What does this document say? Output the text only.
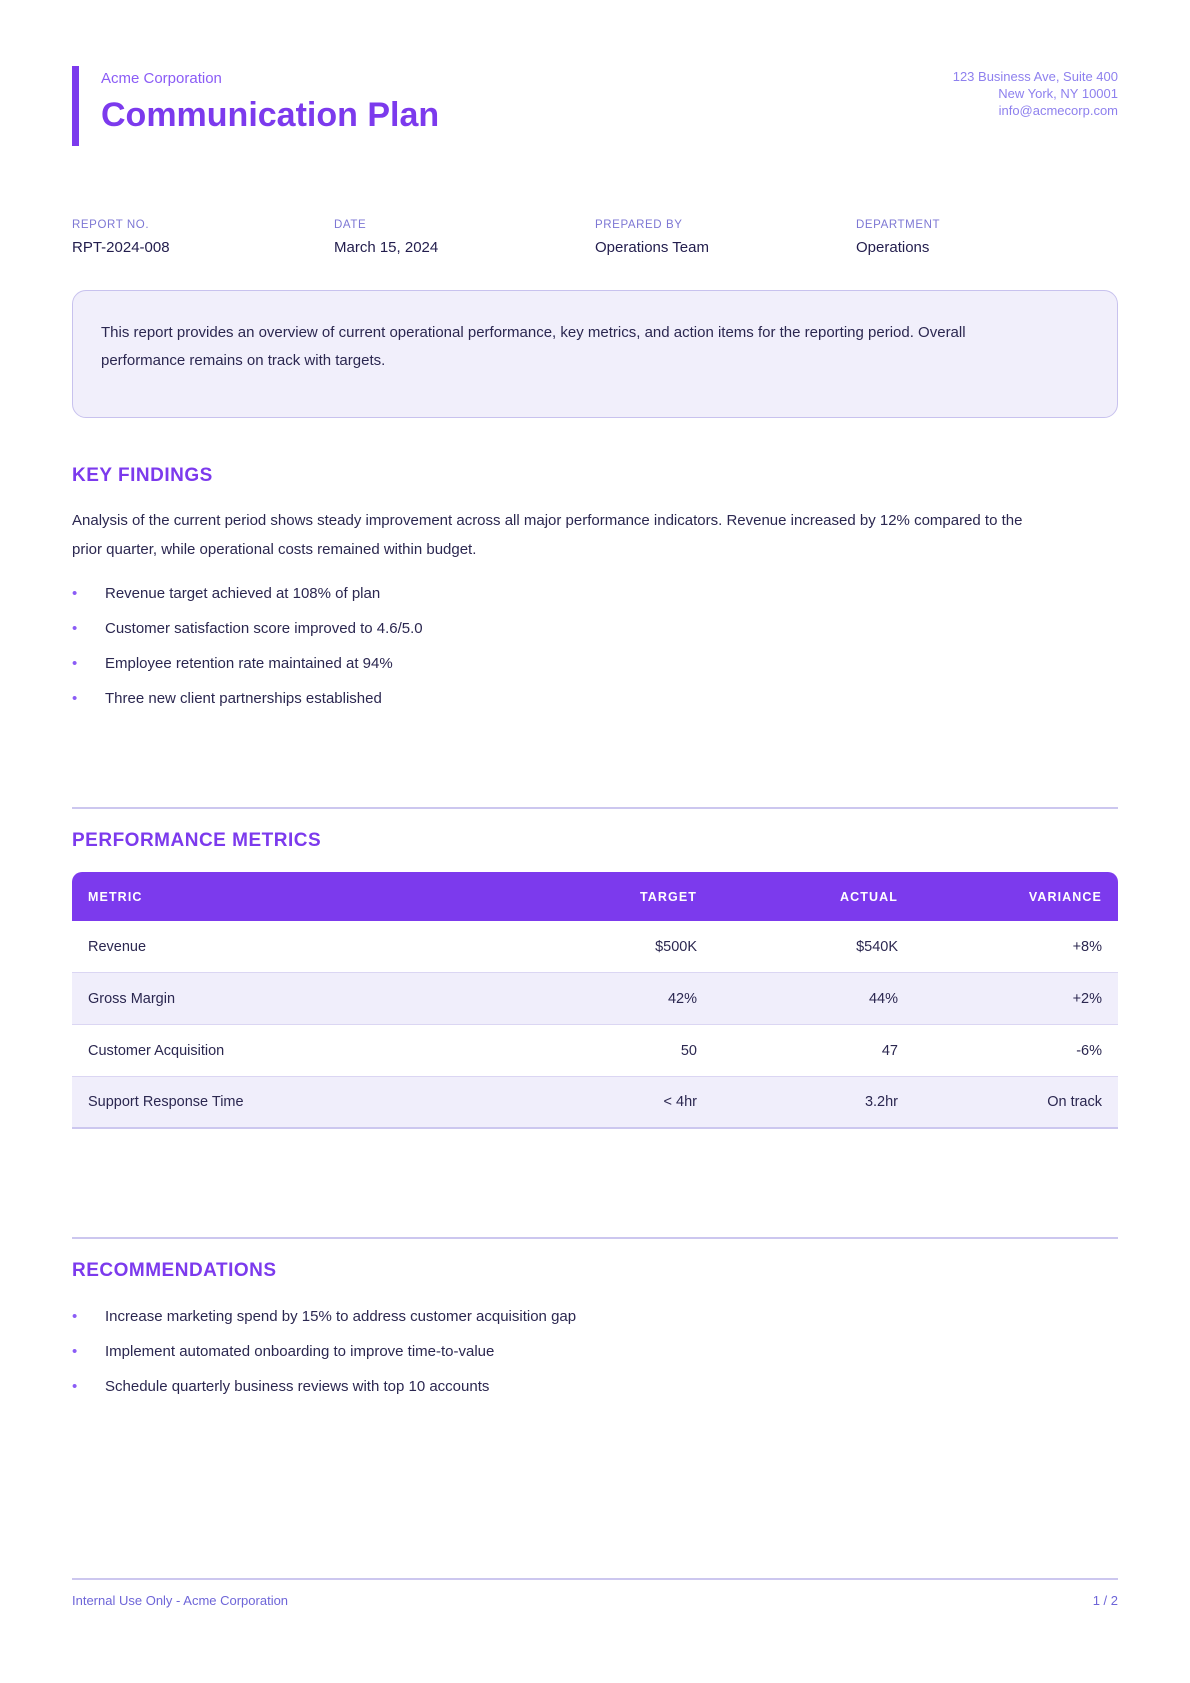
Acme Corporation
Communication Plan
123 Business Ave, Suite 400
New York, NY 10001
info@acmecorp.com
REPORT NO.
RPT-2024-008
DATE
March 15, 2024
PREPARED BY
Operations Team
DEPARTMENT
Operations

This report provides an overview of current operational performance, key metrics, and action items for the reporting period. Overall performance remains on track with targets.

KEY FINDINGS

Analysis of the current period shows steady improvement across all major performance indicators. Revenue increased by 12% compared to the prior quarter, while operational costs remained within budget.

•	Revenue target achieved at 108% of plan
•	Customer satisfaction score improved to 4.6/5.0
•	Employee retention rate maintained at 94%
•	Three new client partnerships established
PERFORMANCE METRICS
METRIC	TARGET	ACTUAL	VARIANCE
Revenue	$500K	$540K	+8%
Gross Margin	42%	44%	+2%
Customer Acquisition	50	47	-6%
Support Response Time	< 4hr	3.2hr	On track
RECOMMENDATIONS
•	Increase marketing spend by 15% to address customer acquisition gap
•	Implement automated onboarding to improve time-to-value
•	Schedule quarterly business reviews with top 10 accounts
Internal Use Only - Acme Corporation	1 / 2
